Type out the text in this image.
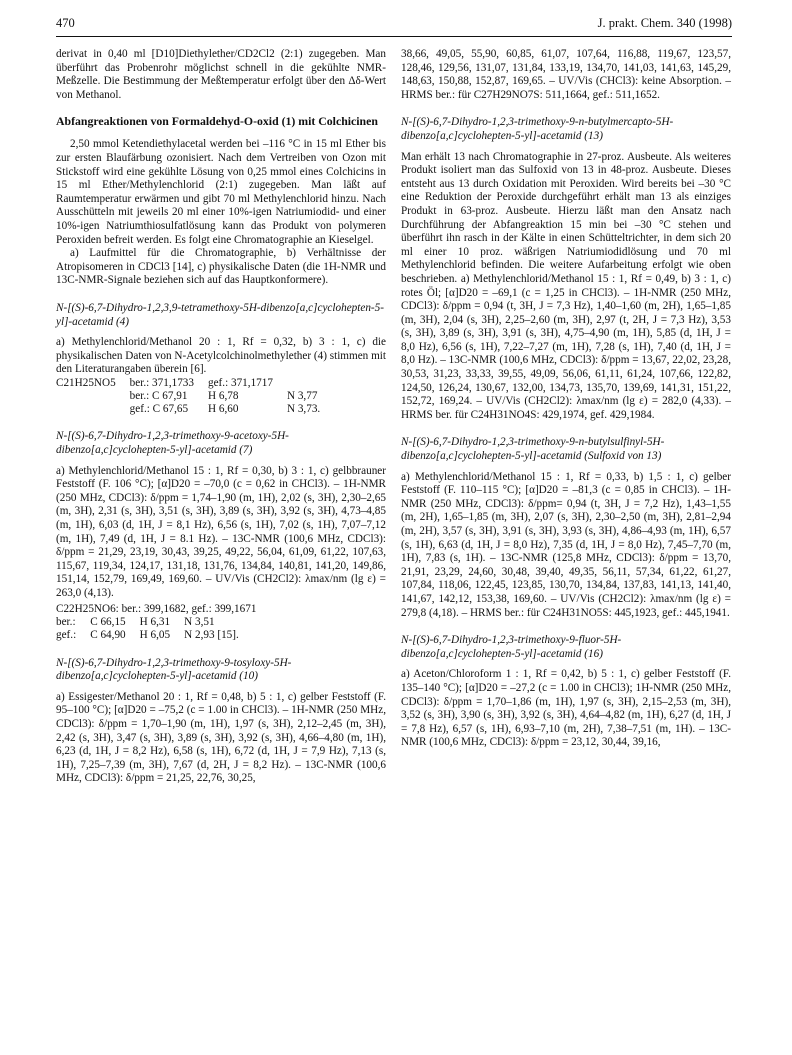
470	J. prakt. Chem. 340 (1998)

derivat in 0,40 ml [D10]Diethylether/CD2Cl2 (2:1) zugegeben. Man überführt das Probenrohr möglichst schnell in die gekühlte NMR-Meßzelle. Die Bestimmung der Meßtemperatur erfolgt über den Δδ-Wert von Methanol.

Abfangreaktionen von Formaldehyd-O-oxid (1) mit Colchicinen

2,50 mmol Ketendiethylacetal werden bei –116 °C in 15 ml Ether bis zur ersten Blaufärbung ozonisiert. Nach dem Vertreiben von Ozon mit Stickstoff wird eine gekühlte Lösung von 0,25 mmol eines Colchicins in 15 ml Ether/Methylenchlorid (2:1) zugegeben. Man läßt auf Raumtemperatur erwärmen und gibt 70 ml Methylenchlorid hinzu. Nach Ausschütteln mit jeweils 20 ml einer 10%-igen Natriumiodid- und einer 10%-igen Natriumthiosulfatlösung kann das Produkt von polymeren Peroxiden befreit werden. Es folgt eine Chromatographie an Kieselgel.

a) Laufmittel für die Chromatographie, b) Verhältnisse der Atropisomeren in CDCl3 [14], c) physikalische Daten (die 1H-NMR und 13C-NMR-Signale beziehen sich auf das Hauptkonformere).

N-[(S)-6,7-Dihydro-1,2,3,9-tetramethoxy-5H-dibenzo[a,c]cyclohepten-5-yl]-acetamid (4)

a) Methylenchlorid/Methanol 20 : 1, Rf = 0,32, b) 3 : 1, c) die physikalischen Daten von N-Acetylcolchinolmethylether (4) stimmen mit den Literaturangaben überein [6].

C21H25NO5	ber.: 371,1733	gef.: 371,1717	
	ber.: C 67,91	H 6,78	N 3,77
	gef.: C 67,65	H 6,60	N 3,73.

N-[(S)-6,7-Dihydro-1,2,3-trimethoxy-9-acetoxy-5H-dibenzo[a,c]cyclohepten-5-yl]-acetamid (7)

a) Methylenchlorid/Methanol 15 : 1, Rf = 0,30, b) 3 : 1, c) gelbbrauner Feststoff (F. 106 °C); [α]D20 = –70,0 (c = 0,62 in CHCl3). – 1H-NMR (250 MHz, CDCl3): δ/ppm = 1,74–1,90 (m, 1H), 2,02 (s, 3H), 2,30–2,65 (m, 3H), 2,31 (s, 3H), 3,51 (s, 3H), 3,89 (s, 3H), 3,92 (s, 3H), 4,73–4,85 (m, 1H), 6,03 (d, 1H, J = 8,1 Hz), 6,56 (s, 1H), 7,02 (s, 1H), 7,07–7,12 (m, 1H), 7,49 (d, 1H, J = 8.1 Hz). – 13C-NMR (100,6 MHz, CDCl3): δ/ppm = 21,29, 23,19, 30,43, 39,25, 49,22, 56,04, 61,09, 61,22, 107,63, 115,67, 119,34, 124,17, 131,18, 131,76, 134,84, 140,81, 141,20, 149,86, 151,14, 152,79, 169,49, 169,60. – UV/Vis (CH2Cl2): λmax/nm (lg ε) = 263,0 (4,13).

C22H25NO6: ber.: 399,1682, gef.: 399,1671

ber.:	C 66,15	H 6,31	N 3,51
gef.:	C 64,90	H 6,05	N 2,93 [15].

N-[(S)-6,7-Dihydro-1,2,3-trimethoxy-9-tosyloxy-5H-dibenzo[a,c]cyclohepten-5-yl]-acetamid (10)

a) Essigester/Methanol 20 : 1, Rf = 0,48, b) 5 : 1, c) gelber Feststoff (F. 95–100 °C); [α]D20 = –75,2 (c = 1.00 in CHCl3). – 1H-NMR (250 MHz, CDCl3): δ/ppm = 1,70–1,90 (m, 1H), 1,97 (s, 3H), 2,12–2,45 (m, 3H), 2,42 (s, 3H), 3,47 (s, 3H), 3,89 (s, 3H), 3,92 (s, 3H), 4,66–4,80 (m, 1H), 6,23 (d, 1H, J = 8,2 Hz), 6,58 (s, 1H), 6,72 (d, 1H, J = 7,9 Hz), 7,13 (s, 1H), 7,25–7,39 (m, 3H), 7,67 (d, 2H, J = 8,2 Hz). – 13C-NMR (100,6 MHz, CDCl3): δ/ppm = 21,25, 22,76, 30,25,

38,66, 49,05, 55,90, 60,85, 61,07, 107,64, 116,88, 119,67, 123,57, 128,46, 129,56, 131,07, 131,84, 133,19, 134,70, 141,03, 141,63, 145,29, 148,63, 150,88, 152,87, 169,65. – UV/Vis (CHCl3): keine Absorption. – HRMS ber.: für C27H29NO7S: 511,1664, gef.: 511,1652.

N-[(S)-6,7-Dihydro-1,2,3-trimethoxy-9-n-butylmercapto-5H-dibenzo[a,c]cyclohepten-5-yl]-acetamid (13)

Man erhält 13 nach Chromatographie in 27-proz. Ausbeute. Als weiteres Produkt isoliert man das Sulfoxid von 13 in 48-proz. Ausbeute. Dieses entsteht aus 13 durch Oxidation mit Peroxiden. Wird bereits bei –30 °C eine Reduktion der Peroxide durchgeführt erhält man 13 als einziges Produkt in 63-proz. Ausbeute. Hierzu läßt man den Ansatz nach Durchführung der Abfangreaktion 15 min bei –30 °C stehen und überführt ihn rasch in der Kälte in einen Schütteltrichter, in dem sich 20 ml einer 10 proz. wäßrigen Natriumiodidlösung und 70 ml Methylenchlorid befinden. Die weitere Aufarbeitung erfolgt wie oben beschrieben. a) Methylenchlorid/Methanol 15 : 1, Rf = 0,49, b) 3 : 1, c) rotes Öl; [α]D20 = –69,1 (c = 1,25 in CHCl3). – 1H-NMR (250 MHz, CDCl3): δ/ppm = 0,94 (t, 3H, J = 7,3 Hz), 1,40–1,60 (m, 2H), 1,65–1,85 (m, 3H), 2,04 (s, 3H), 2,25–2,60 (m, 3H), 2,97 (t, 2H, J = 7,3 Hz), 3,53 (s, 3H), 3,89 (s, 3H), 3,91 (s, 3H), 4,75–4,90 (m, 1H), 5,85 (d, 1H, J = 8,0 Hz), 6,56 (s, 1H), 7,22–7,27 (m, 1H), 7,28 (s, 1H), 7,40 (d, 1H, J = 8,0 Hz). – 13C-NMR (100,6 MHz, CDCl3): δ/ppm = 13,67, 22,02, 23,28, 30,53, 31,23, 33,33, 39,55, 49,09, 56,06, 61,11, 61,24, 107,66, 122,82, 124,50, 126,24, 130,67, 132,00, 134,73, 135,70, 139,69, 141,31, 151,22, 152,72, 169,24. – UV/Vis (CH2Cl2): λmax/nm (lg ε) = 282,0 (4,33). – HRMS ber. für C24H31NO4S: 429,1974, gef. 429,1984.

N-[(S)-6,7-Dihydro-1,2,3-trimethoxy-9-n-butylsulfinyl-5H-dibenzo[a,c]cyclohepten-5-yl]-acetamid (Sulfoxid von 13)

a) Methylenchlorid/Methanol 15 : 1, Rf = 0,33, b) 1,5 : 1, c) gelber Feststoff (F. 110–115 °C); [α]D20 = –81,3 (c = 0,85 in CHCl3). – 1H-NMR (250 MHz, CDCl3): δ/ppm= 0,94 (t, 3H, J = 7,2 Hz), 1,43–1,55 (m, 2H), 1,65–1,85 (m, 3H), 2,07 (s, 3H), 2,30–2,50 (m, 3H), 2,81–2,94 (m, 2H), 3,57 (s, 3H), 3,91 (s, 3H), 3,93 (s, 3H), 4,86–4,93 (m, 1H), 6,57 (s, 1H), 6,63 (d, 1H, J = 8,0 Hz), 7,35 (d, 1H, J = 8,0 Hz), 7,45–7,70 (m, 1H), 7,83 (s, 1H). – 13C-NMR (125,8 MHz, CDCl3): δ/ppm = 13,70, 21,91, 23,29, 24,60, 30,48, 39,40, 49,35, 56,11, 57,34, 61,22, 61,27, 107,84, 118,06, 122,45, 123,85, 130,70, 134,84, 137,83, 141,13, 141,40, 141,67, 142,12, 153,38, 169,60. – UV/Vis (CH2Cl2): λmax/nm (lg ε) = 279,8 (4,18). – HRMS ber.: für C24H31NO5S: 445,1923, gef.: 445,1941.

N-[(S)-6,7-Dihydro-1,2,3-trimethoxy-9-fluor-5H-dibenzo[a,c]cyclohepten-5-yl]-acetamid (16)

a) Aceton/Chloroform 1 : 1, Rf = 0,42, b) 5 : 1, c) gelber Feststoff (F. 135–140 °C); [α]D20 = –27,2 (c = 1.00 in CHCl3); 1H-NMR (250 MHz, CDCl3): δ/ppm = 1,70–1,86 (m, 1H), 1,97 (s, 3H), 2,15–2,53 (m, 3H), 3,52 (s, 3H), 3,90 (s, 3H), 3,92 (s, 3H), 4,64–4,82 (m, 1H), 6,27 (d, 1H, J = 7,8 Hz), 6,57 (s, 1H), 6,93–7,10 (m, 2H), 7,38–7,51 (m, 1H). – 13C-NMR (100,6 MHz, CDCl3): δ/ppm = 23,12, 30,44, 39,16,
